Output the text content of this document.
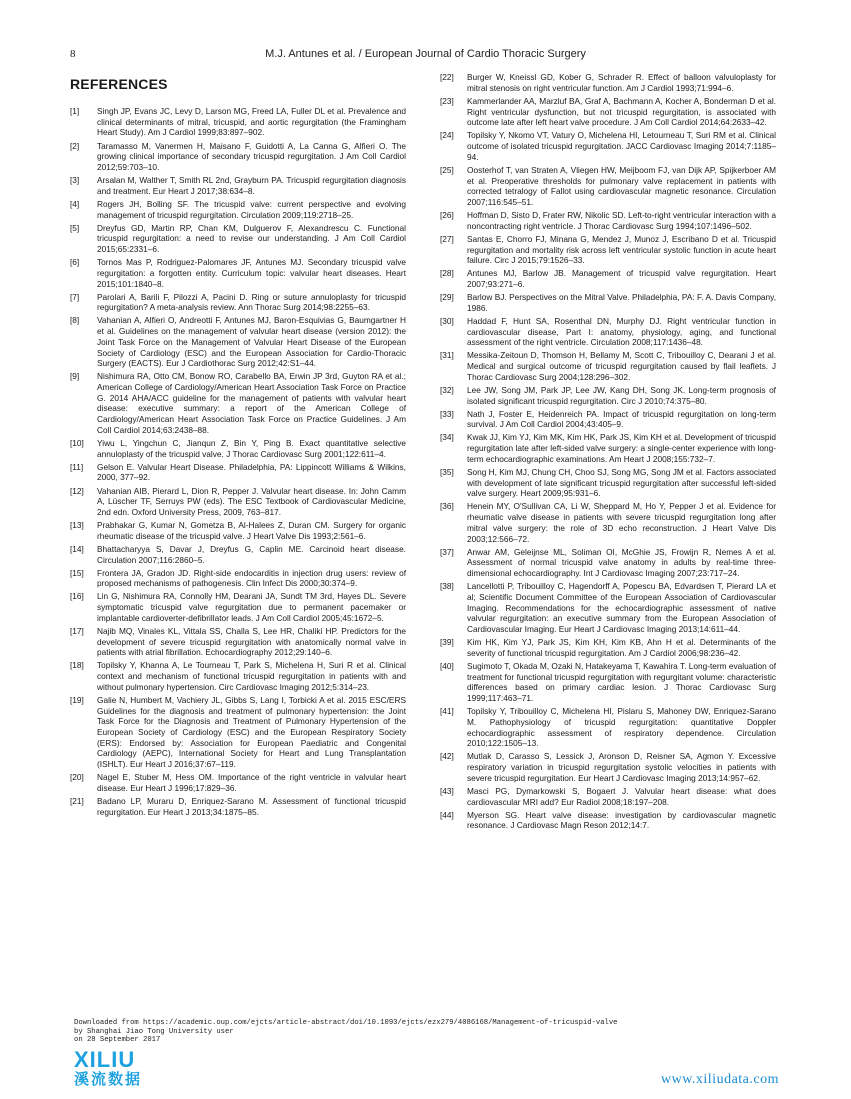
8	M.J. Antunes et al. / European Journal of Cardio Thoracic Surgery
REFERENCES
[1]	Singh JP, Evans JC, Levy D, Larson MG, Freed LA, Fuller DL et al. Prevalence and clinical determinants of mitral, tricuspid, and aortic regurgitation (the Framingham Heart Study). Am J Cardiol 1999;83:897–902.
[2]	Taramasso M, Vanermen H, Maisano F, Guidotti A, La Canna G, Alfieri O. The growing clinical importance of secondary tricuspid regurgitation. J Am Coll Cardiol 2012;59:703–10.
[3]	Arsalan M, Walther T, Smith RL 2nd, Grayburn PA. Tricuspid regurgitation diagnosis and treatment. Eur Heart J 2017;38:634–8.
[4]	Rogers JH, Bolling SF. The tricuspid valve: current perspective and evolving management of tricuspid regurgitation. Circulation 2009;119:2718–25.
[5]	Dreyfus GD, Martin RP, Chan KM, Dulguerov F, Alexandrescu C. Functional tricuspid regurgitation: a need to revise our understanding. J Am Coll Cardiol 2015;65:2331–6.
[6]	Tornos Mas P, Rodriguez-Palomares JF, Antunes MJ. Secondary tricuspid valve regurgitation: a forgotten entity. Curriculum topic: valvular heart diseases. Heart 2015;101:1840–8.
[7]	Parolari A, Barili F, Pilozzi A, Pacini D. Ring or suture annuloplasty for tricuspid regurgitation? A meta-analysis review. Ann Thorac Surg 2014;98:2255–63.
[8]	Vahanian A, Alfieri O, Andreotti F, Antunes MJ, Baron-Esquivias G, Baumgartner H et al. Guidelines on the management of valvular heart disease (version 2012): the Joint Task Force on the Management of Valvular Heart Disease of the European Society of Cardiology (ESC) and the European Association for Cardio-Thoracic Surgery (EACTS). Eur J Cardiothorac Surg 2012;42:S1–44.
[9]	Nishimura RA, Otto CM, Bonow RO, Carabello BA, Erwin JP 3rd, Guyton RA et al.; American College of Cardiology/American Heart Association Task Force on Practice G. 2014 AHA/ACC guideline for the management of patients with valvular heart disease: executive summary: a report of the American College of Cardiology/American Heart Association Task Force on Practice Guidelines. J Am Coll Cardiol 2014;63:2438–88.
[10]	Yiwu L, Yingchun C, Jianqun Z, Bin Y, Ping B. Exact quantitative selective annuloplasty of the tricuspid valve. J Thorac Cardiovasc Surg 2001;122:611–4.
[11]	Gelson E. Valvular Heart Disease. Philadelphia, PA: Lippincott Williams & Wilkins, 2000, 377–92.
[12]	Vahanian AIB, Pierard L, Dion R, Pepper J. Valvular heart disease. In: John Camm A, Lüscher TF, Serruys PW (eds). The ESC Textbook of Cardiovascular Medicine, 2nd edn. Oxford University Press, 2009, 763–817.
[13]	Prabhakar G, Kumar N, Gometza B, Al-Halees Z, Duran CM. Surgery for organic rheumatic disease of the tricuspid valve. J Heart Valve Dis 1993;2:561–6.
[14]	Bhattacharyya S, Davar J, Dreyfus G, Caplin ME. Carcinoid heart disease. Circulation 2007;116:2860–5.
[15]	Frontera JA, Gradon JD. Right-side endocarditis in injection drug users: review of proposed mechanisms of pathogenesis. Clin Infect Dis 2000;30:374–9.
[16]	Lin G, Nishimura RA, Connolly HM, Dearani JA, Sundt TM 3rd, Hayes DL. Severe symptomatic tricuspid valve regurgitation due to permanent pacemaker or implantable cardioverter-defibrillator leads. J Am Coll Cardiol 2005;45:1672–5.
[17]	Najib MQ, Vinales KL, Vittala SS, Challa S, Lee HR, Chaliki HP. Predictors for the development of severe tricuspid regurgitation with anatomically normal valve in patients with atrial fibrillation. Echocardiography 2012;29:140–6.
[18]	Topilsky Y, Khanna A, Le Tourneau T, Park S, Michelena H, Suri R et al. Clinical context and mechanism of functional tricuspid regurgitation in patients with and without pulmonary hypertension. Circ Cardiovasc Imaging 2012;5:314–23.
[19]	Galie N, Humbert M, Vachiery JL, Gibbs S, Lang I, Torbicki A et al. 2015 ESC/ERS Guidelines for the diagnosis and treatment of pulmonary hypertension: the Joint Task Force for the Diagnosis and Treatment of Pulmonary Hypertension of the European Society of Cardiology (ESC) and the European Respiratory Society (ERS): Endorsed by: Association for European Paediatric and Congenital Cardiology (AEPC), International Society for Heart and Lung Transplantation (ISHLT). Eur Heart J 2016;37:67–119.
[20]	Nagel E, Stuber M, Hess OM. Importance of the right ventricle in valvular heart disease. Eur Heart J 1996;17:829–36.
[21]	Badano LP, Muraru D, Enriquez-Sarano M. Assessment of functional tricuspid regurgitation. Eur Heart J 2013;34:1875–85.
[22]	Burger W, Kneissl GD, Kober G, Schrader R. Effect of balloon valvuloplasty for mitral stenosis on right ventricular function. Am J Cardiol 1993;71:994–6.
[23]	Kammerlander AA, Marzluf BA, Graf A, Bachmann A, Kocher A, Bonderman D et al. Right ventricular dysfunction, but not tricuspid regurgitation, is associated with outcome late after left heart valve procedure. J Am Coll Cardiol 2014;64:2633–42.
[24]	Topilsky Y, Nkomo VT, Vatury O, Michelena HI, Letourneau T, Suri RM et al. Clinical outcome of isolated tricuspid regurgitation. JACC Cardiovasc Imaging 2014;7:1185–94.
[25]	Oosterhof T, van Straten A, Vliegen HW, Meijboom FJ, van Dijk AP, Spijkerboer AM et al. Preoperative thresholds for pulmonary valve replacement in patients with corrected tetralogy of Fallot using cardiovascular magnetic resonance. Circulation 2007;116:545–51.
[26]	Hoffman D, Sisto D, Frater RW, Nikolic SD. Left-to-right ventricular interaction with a noncontracting right ventricle. J Thorac Cardiovasc Surg 1994;107:1496–502.
[27]	Santas E, Chorro FJ, Minana G, Mendez J, Munoz J, Escribano D et al. Tricuspid regurgitation and mortality risk across left ventricular systolic function in acute heart failure. Circ J 2015;79:1526–33.
[28]	Antunes MJ, Barlow JB. Management of tricuspid valve regurgitation. Heart 2007;93:271–6.
[29]	Barlow BJ. Perspectives on the Mitral Valve. Philadelphia, PA: F. A. Davis Company, 1986.
[30]	Haddad F, Hunt SA, Rosenthal DN, Murphy DJ. Right ventricular function in cardiovascular disease, Part I: anatomy, physiology, aging, and functional assessment of the right ventricle. Circulation 2008;117:1436–48.
[31]	Messika-Zeitoun D, Thomson H, Bellamy M, Scott C, Tribouilloy C, Dearani J et al. Medical and surgical outcome of tricuspid regurgitation caused by flail leaflets. J Thorac Cardiovasc Surg 2004;128:296–302.
[32]	Lee JW, Song JM, Park JP, Lee JW, Kang DH, Song JK. Long-term prognosis of isolated significant tricuspid regurgitation. Circ J 2010;74:375–80.
[33]	Nath J, Foster E, Heidenreich PA. Impact of tricuspid regurgitation on long-term survival. J Am Coll Cardiol 2004;43:405–9.
[34]	Kwak JJ, Kim YJ, Kim MK, Kim HK, Park JS, Kim KH et al. Development of tricuspid regurgitation late after left-sided valve surgery: a single-center experience with long-term echocardiographic examinations. Am Heart J 2008;155:732–7.
[35]	Song H, Kim MJ, Chung CH, Choo SJ, Song MG, Song JM et al. Factors associated with development of late significant tricuspid regurgitation after successful left-sided valve surgery. Heart 2009;95:931–6.
[36]	Henein MY, O'Sullivan CA, Li W, Sheppard M, Ho Y, Pepper J et al. Evidence for rheumatic valve disease in patients with severe tricuspid regurgitation long after mitral valve surgery: the role of 3D echo reconstruction. J Heart Valve Dis 2003;12:566–72.
[37]	Anwar AM, Geleijnse ML, Soliman OI, McGhie JS, Frowijn R, Nemes A et al. Assessment of normal tricuspid valve anatomy in adults by real-time three-dimensional echocardiography. Int J Cardiovasc Imaging 2007;23:717–24.
[38]	Lancellotti P, Tribouilloy C, Hagendorff A, Popescu BA, Edvardsen T, Pierard LA et al; Scientific Document Committee of the European Association of Cardiovascular Imaging. Recommendations for the echocardiographic assessment of native valvular regurgitation: an executive summary from the European Association of Cardiovascular Imaging. Eur Heart J Cardiovasc Imaging 2013;14:611–44.
[39]	Kim HK, Kim YJ, Park JS, Kim KH, Kim KB, Ahn H et al. Determinants of the severity of functional tricuspid regurgitation. Am J Cardiol 2006;98:236–42.
[40]	Sugimoto T, Okada M, Ozaki N, Hatakeyama T, Kawahira T. Long-term evaluation of treatment for functional tricuspid regurgitation with regurgitant volume: characteristic differences based on primary cardiac lesion. J Thorac Cardiovasc Surg 1999;117:463–71.
[41]	Topilsky Y, Tribouilloy C, Michelena HI, Pislaru S, Mahoney DW, Enriquez-Sarano M. Pathophysiology of tricuspid regurgitation: quantitative Doppler echocardiographic assessment of respiratory dependence. Circulation 2010;122:1505–13.
[42]	Mutlak D, Carasso S, Lessick J, Aronson D, Reisner SA, Agmon Y. Excessive respiratory variation in tricuspid regurgitation systolic velocities in patients with severe tricuspid regurgitation. Eur Heart J Cardiovasc Imaging 2013;14:957–62.
[43]	Masci PG, Dymarkowski S, Bogaert J. Valvular heart disease: what does cardiovascular MRI add? Eur Radiol 2008;18:197–208.
[44]	Myerson SG. Heart valve disease: investigation by cardiovascular magnetic resonance. J Cardiovasc Magn Reson 2012;14:7.
Downloaded from https://academic.oup.com/ejcts/article-abstract/doi/10.1093/ejcts/ezx279/4086168/Management-of-tricuspid-valve
by Shanghai Jiao Tong University user
on 28 September 2017
XILIU
溪流数据	www.xiliudata.com
